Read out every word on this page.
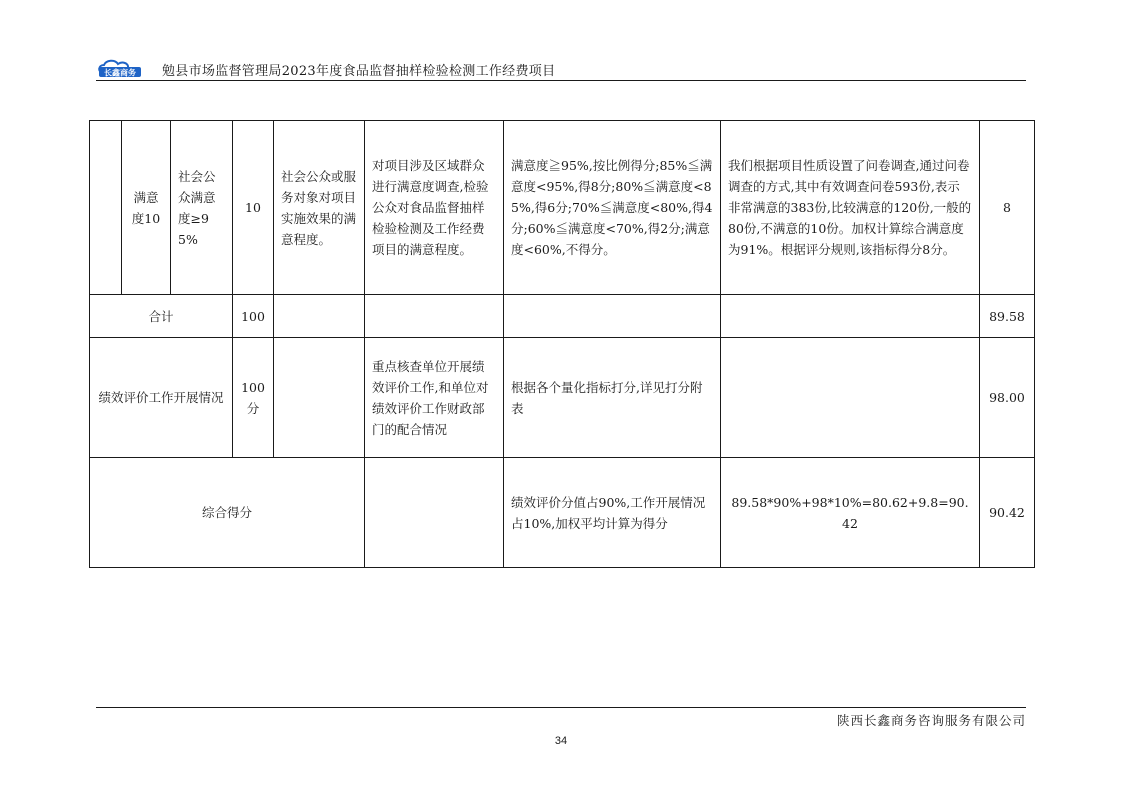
长鑫商务 勉县市场监督管理局2023年度食品监督抽样检验检测工作经费项目
	满意度10	社会公众满意度≥95%	10	社会公众或服务对象对项目实施效果的满意程度。	对项目涉及区域群众进行满意度调查,检验公众对食品监督抽样检验检测及工作经费项目的满意程度。	满意度≧95%,按比例得分;85%≦满意度<95%,得8分;80%≦满意度<85%,得6分;70%≦满意度<80%,得4分;60%≦满意度<70%,得2分;满意度<60%,不得分。	我们根据项目性质设置了问卷调查,通过问卷调查的方式,其中有效调查问卷593份,表示非常满意的383份,比较满意的120份,一般的80份,不满意的10份。加权计算综合满意度为91%。根据评分规则,该指标得分8分。	8
合计			100					89.58
绩效评价工作开展情况			100分		重点核查单位开展绩效评价工作,和单位对绩效评价工作财政部门的配合情况	根据各个量化指标打分,详见打分附表		98.00
综合得分						绩效评价分值占90%,工作开展情况占10%,加权平均计算为得分	89.58*90%+98*10%=80.62+9.8=90.42	90.42
陕西长鑫商务咨询服务有限公司
34
